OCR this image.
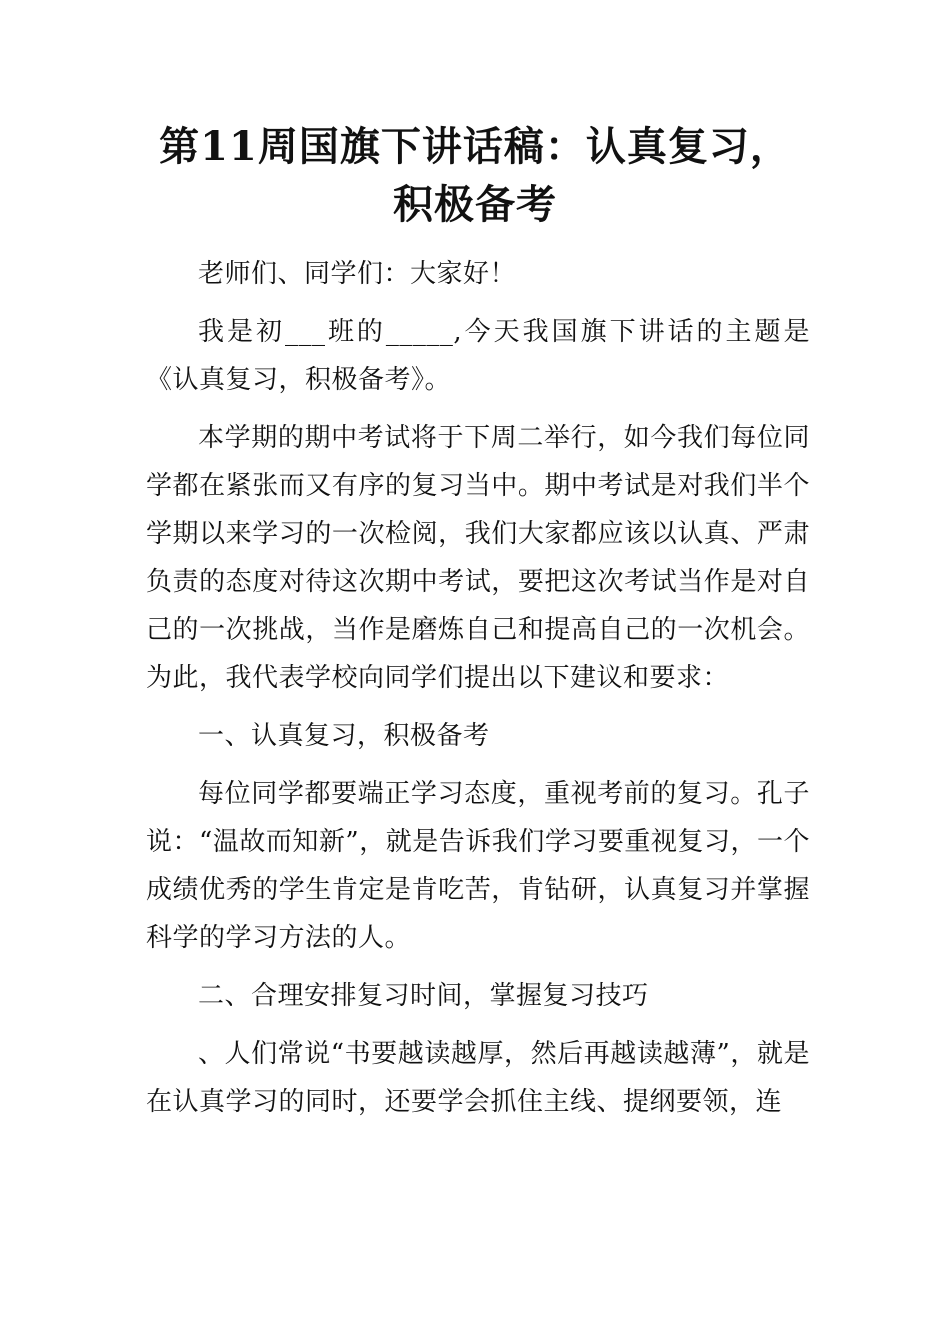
第11周国旗下讲话稿：认真复习，积极备考

老师们、同学们：大家好！

我是初___班的_____,今天我国旗下讲话的主题是《认真复习，积极备考》。

本学期的期中考试将于下周二举行，如今我们每位同学都在紧张而又有序的复习当中。期中考试是对我们半个学期以来学习的一次检阅，我们大家都应该以认真、严肃负责的态度对待这次期中考试，要把这次考试当作是对自己的一次挑战，当作是磨炼自己和提高自己的一次机会。为此，我代表学校向同学们提出以下建议和要求：

一、认真复习，积极备考

每位同学都要端正学习态度，重视考前的复习。孔子说：“温故而知新”，就是告诉我们学习要重视复习，一个成绩优秀的学生肯定是肯吃苦，肯钻研，认真复习并掌握科学的学习方法的人。

二、合理安排复习时间，掌握复习技巧

、人们常说“书要越读越厚，然后再越读越薄”，就是在认真学习的同时，还要学会抓住主线、提纲要领，连
